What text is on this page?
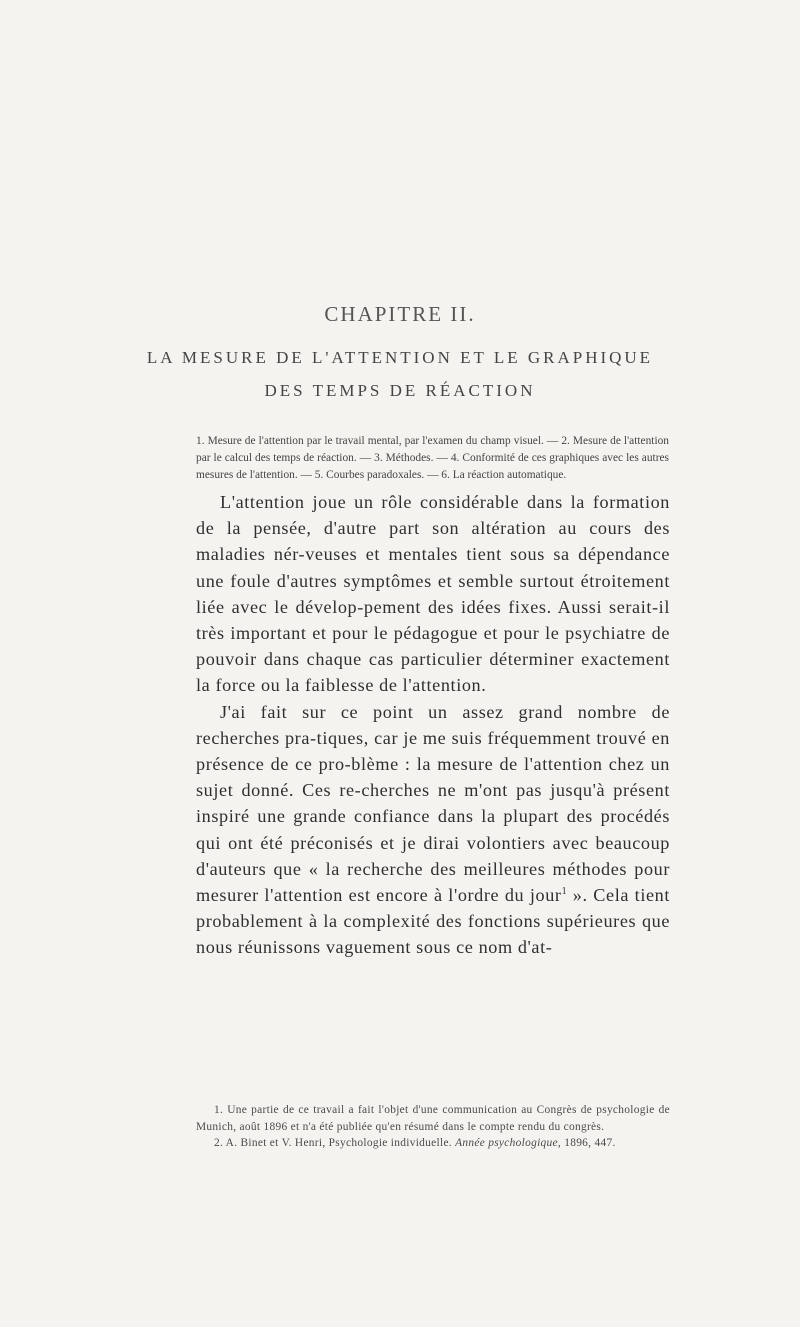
CHAPITRE II.
LA MESURE DE L'ATTENTION ET LE GRAPHIQUE
DES TEMPS DE RÉACTION
1. Mesure de l'attention par le travail mental, par l'examen du champ visuel. — 2. Mesure de l'attention par le calcul des temps de réaction. — 3. Méthodes. — 4. Conformité de ces graphiques avec les autres mesures de l'attention. — 5. Courbes paradoxales. — 6. La réaction automatique.

L'attention joue un rôle considérable dans la formation de la pensée, d'autre part son altération au cours des maladies nér-veuses et mentales tient sous sa dépendance une foule d'autres symptômes et semble surtout étroitement liée avec le dévelop-pement des idées fixes. Aussi serait-il très important et pour le pédagogue et pour le psychiatre de pouvoir dans chaque cas particulier déterminer exactement la force ou la faiblesse de l'attention.

J'ai fait sur ce point un assez grand nombre de recherches pra-tiques, car je me suis fréquemment trouvé en présence de ce pro-blème : la mesure de l'attention chez un sujet donné. Ces re-cherches ne m'ont pas jusqu'à présent inspiré une grande confiance dans la plupart des procédés qui ont été préconisés et je dirai volontiers avec beaucoup d'auteurs que « la recherche des meilleures méthodes pour mesurer l'attention est encore à l'ordre du jour$^1$ ». Cela tient probablement à la complexité des fonctions supérieures que nous réunissons vaguement sous ce nom d'at-

1. Une partie de ce travail a fait l'objet d'une communication au Congrès de psychologie de Munich, août 1896 et n'a été publiée qu'en résumé dans le compte rendu du congrès.

2. A. Binet et V. Henri, Psychologie individuelle. Année psychologique, 1896, 447.
